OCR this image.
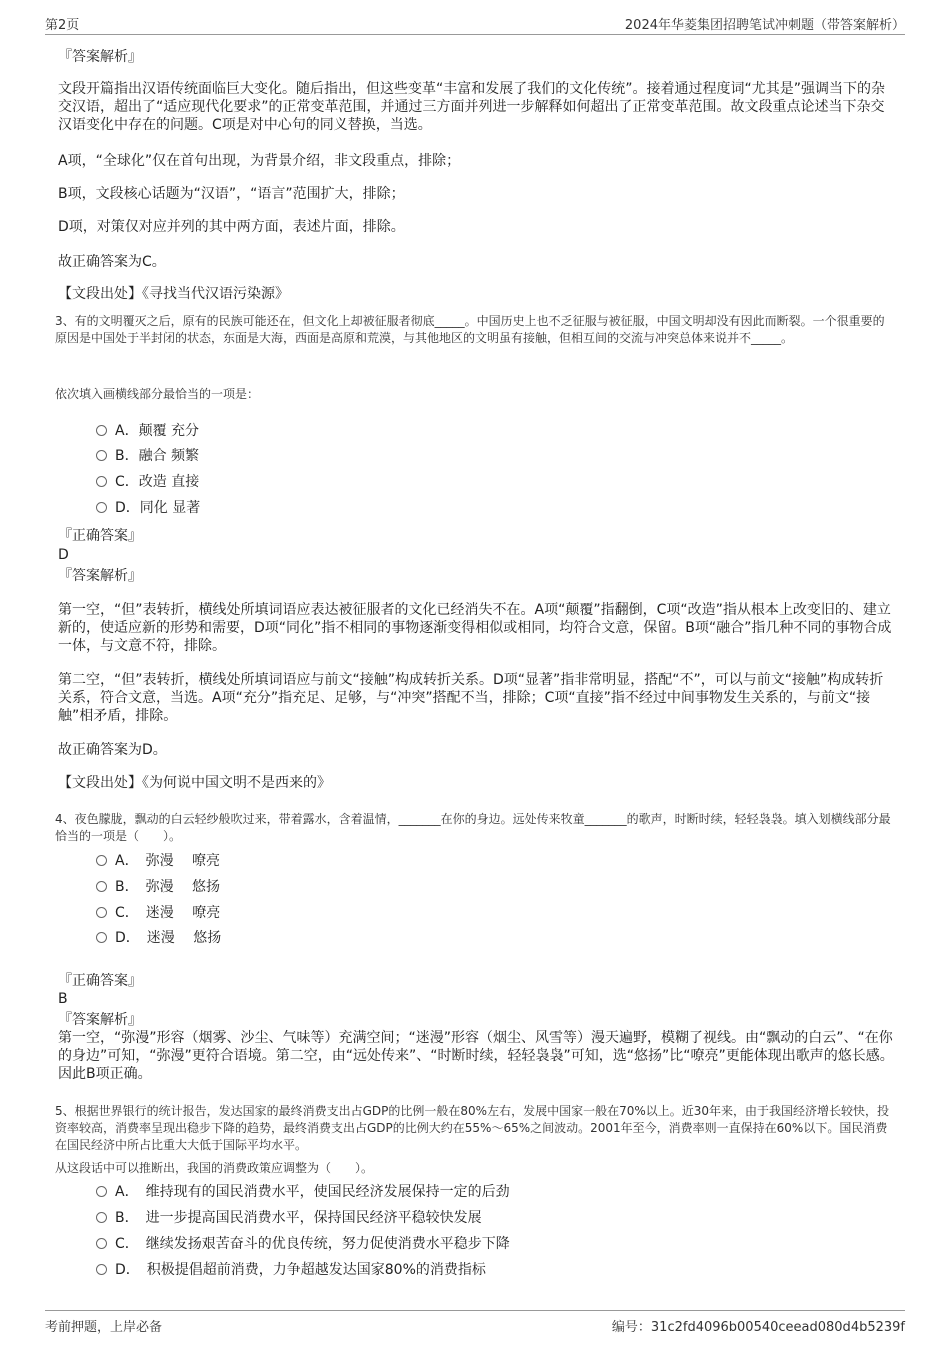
第2页	2024年华菱集团招聘笔试冲刺题（带答案解析）
『答案解析』

文段开篇指出汉语传统面临巨大变化。随后指出，但这些变革“丰富和发展了我们的文化传统”。接着通过程度词“尤其是”强调当下的杂交汉语，超出了“适应现代化要求”的正常变革范围，并通过三方面并列进一步解释如何超出了正常变革范围。故文段重点论述当下杂交汉语变化中存在的问题。C项是对中心句的同义替换，当选。

A项，“全球化”仅在首句出现，为背景介绍，非文段重点，排除；

B项，文段核心话题为“汉语”，“语言”范围扩大，排除；

D项，对策仅对应并列的其中两方面，表述片面，排除。

故正确答案为C。

【文段出处】《寻找当代汉语污染源》

3、有的文明覆灭之后，原有的民族可能还在，但文化上却被征服者彻底_____。中国历史上也不乏征服与被征服，中国文明却没有因此而断裂。一个很重要的原因是中国处于半封闭的状态，东面是大海，西面是高原和荒漠，与其他地区的文明虽有接触，但相互间的交流与冲突总体来说并不_____。

依次填入画横线部分最恰当的一项是：

A．颠覆 充分
B．融合 频繁
C．改造 直接
D．同化 显著
『正确答案』
D
『答案解析』

第一空，“但”表转折，横线处所填词语应表达被征服者的文化已经消失不在。A项“颠覆”指翻倒，C项“改造”指从根本上改变旧的、建立新的，使适应新的形势和需要，D项“同化”指不相同的事物逐渐变得相似或相同，均符合文意，保留。B项“融合”指几种不同的事物合成一体，与文意不符，排除。

第二空，“但”表转折，横线处所填词语应与前文“接触”构成转折关系。D项“显著”指非常明显，搭配“不”，可以与前文“接触”构成转折关系，符合文意，当选。A项“充分”指充足、足够，与“冲突”搭配不当，排除；C项“直接”指不经过中间事物发生关系的，与前文“接触”相矛盾，排除。

故正确答案为D。

【文段出处】《为何说中国文明不是西来的》

4、夜色朦胧，飘动的白云轻纱般吹过来，带着露水，含着温情，_______在你的身边。远处传来牧童_______的歌声，时断时续，轻轻袅袅。填入划横线部分最恰当的一项是（　　）。

A．　弥漫　 嘹亮
B．　弥漫　 悠扬
C．　迷漫　 嘹亮
D．　迷漫　 悠扬
『正确答案』
B
『答案解析』

第一空，“弥漫”形容（烟雾、沙尘、气味等）充满空间；“迷漫”形容（烟尘、风雪等）漫天遍野，模糊了视线。由“飘动的白云”、“在你的身边”可知，“弥漫”更符合语境。第二空，由“远处传来”、“时断时续，轻轻袅袅”可知，选“悠扬”比“嘹亮”更能体现出歌声的悠长感。因此B项正确。

5、根据世界银行的统计报告，发达国家的最终消费支出占GDP的比例一般在80%左右，发展中国家一般在70%以上。近30年来，由于我国经济增长较快，投资率较高，消费率呈现出稳步下降的趋势，最终消费支出占GDP的比例大约在55%～65%之间波动。2001年至今，消费率则一直保持在60%以下。国民消费在国民经济中所占比重大大低于国际平均水平。

从这段话中可以推断出，我国的消费政策应调整为（　　）。

A．　维持现有的国民消费水平，使国民经济发展保持一定的后劲
B．　进一步提高国民消费水平，保持国民经济平稳较快发展
C．　继续发扬艰苦奋斗的优良传统，努力促使消费水平稳步下降
D．　积极提倡超前消费，力争超越发达国家80%的消费指标
考前押题，上岸必备	编号：31c2fd4096b00540ceead080d4b5239f
